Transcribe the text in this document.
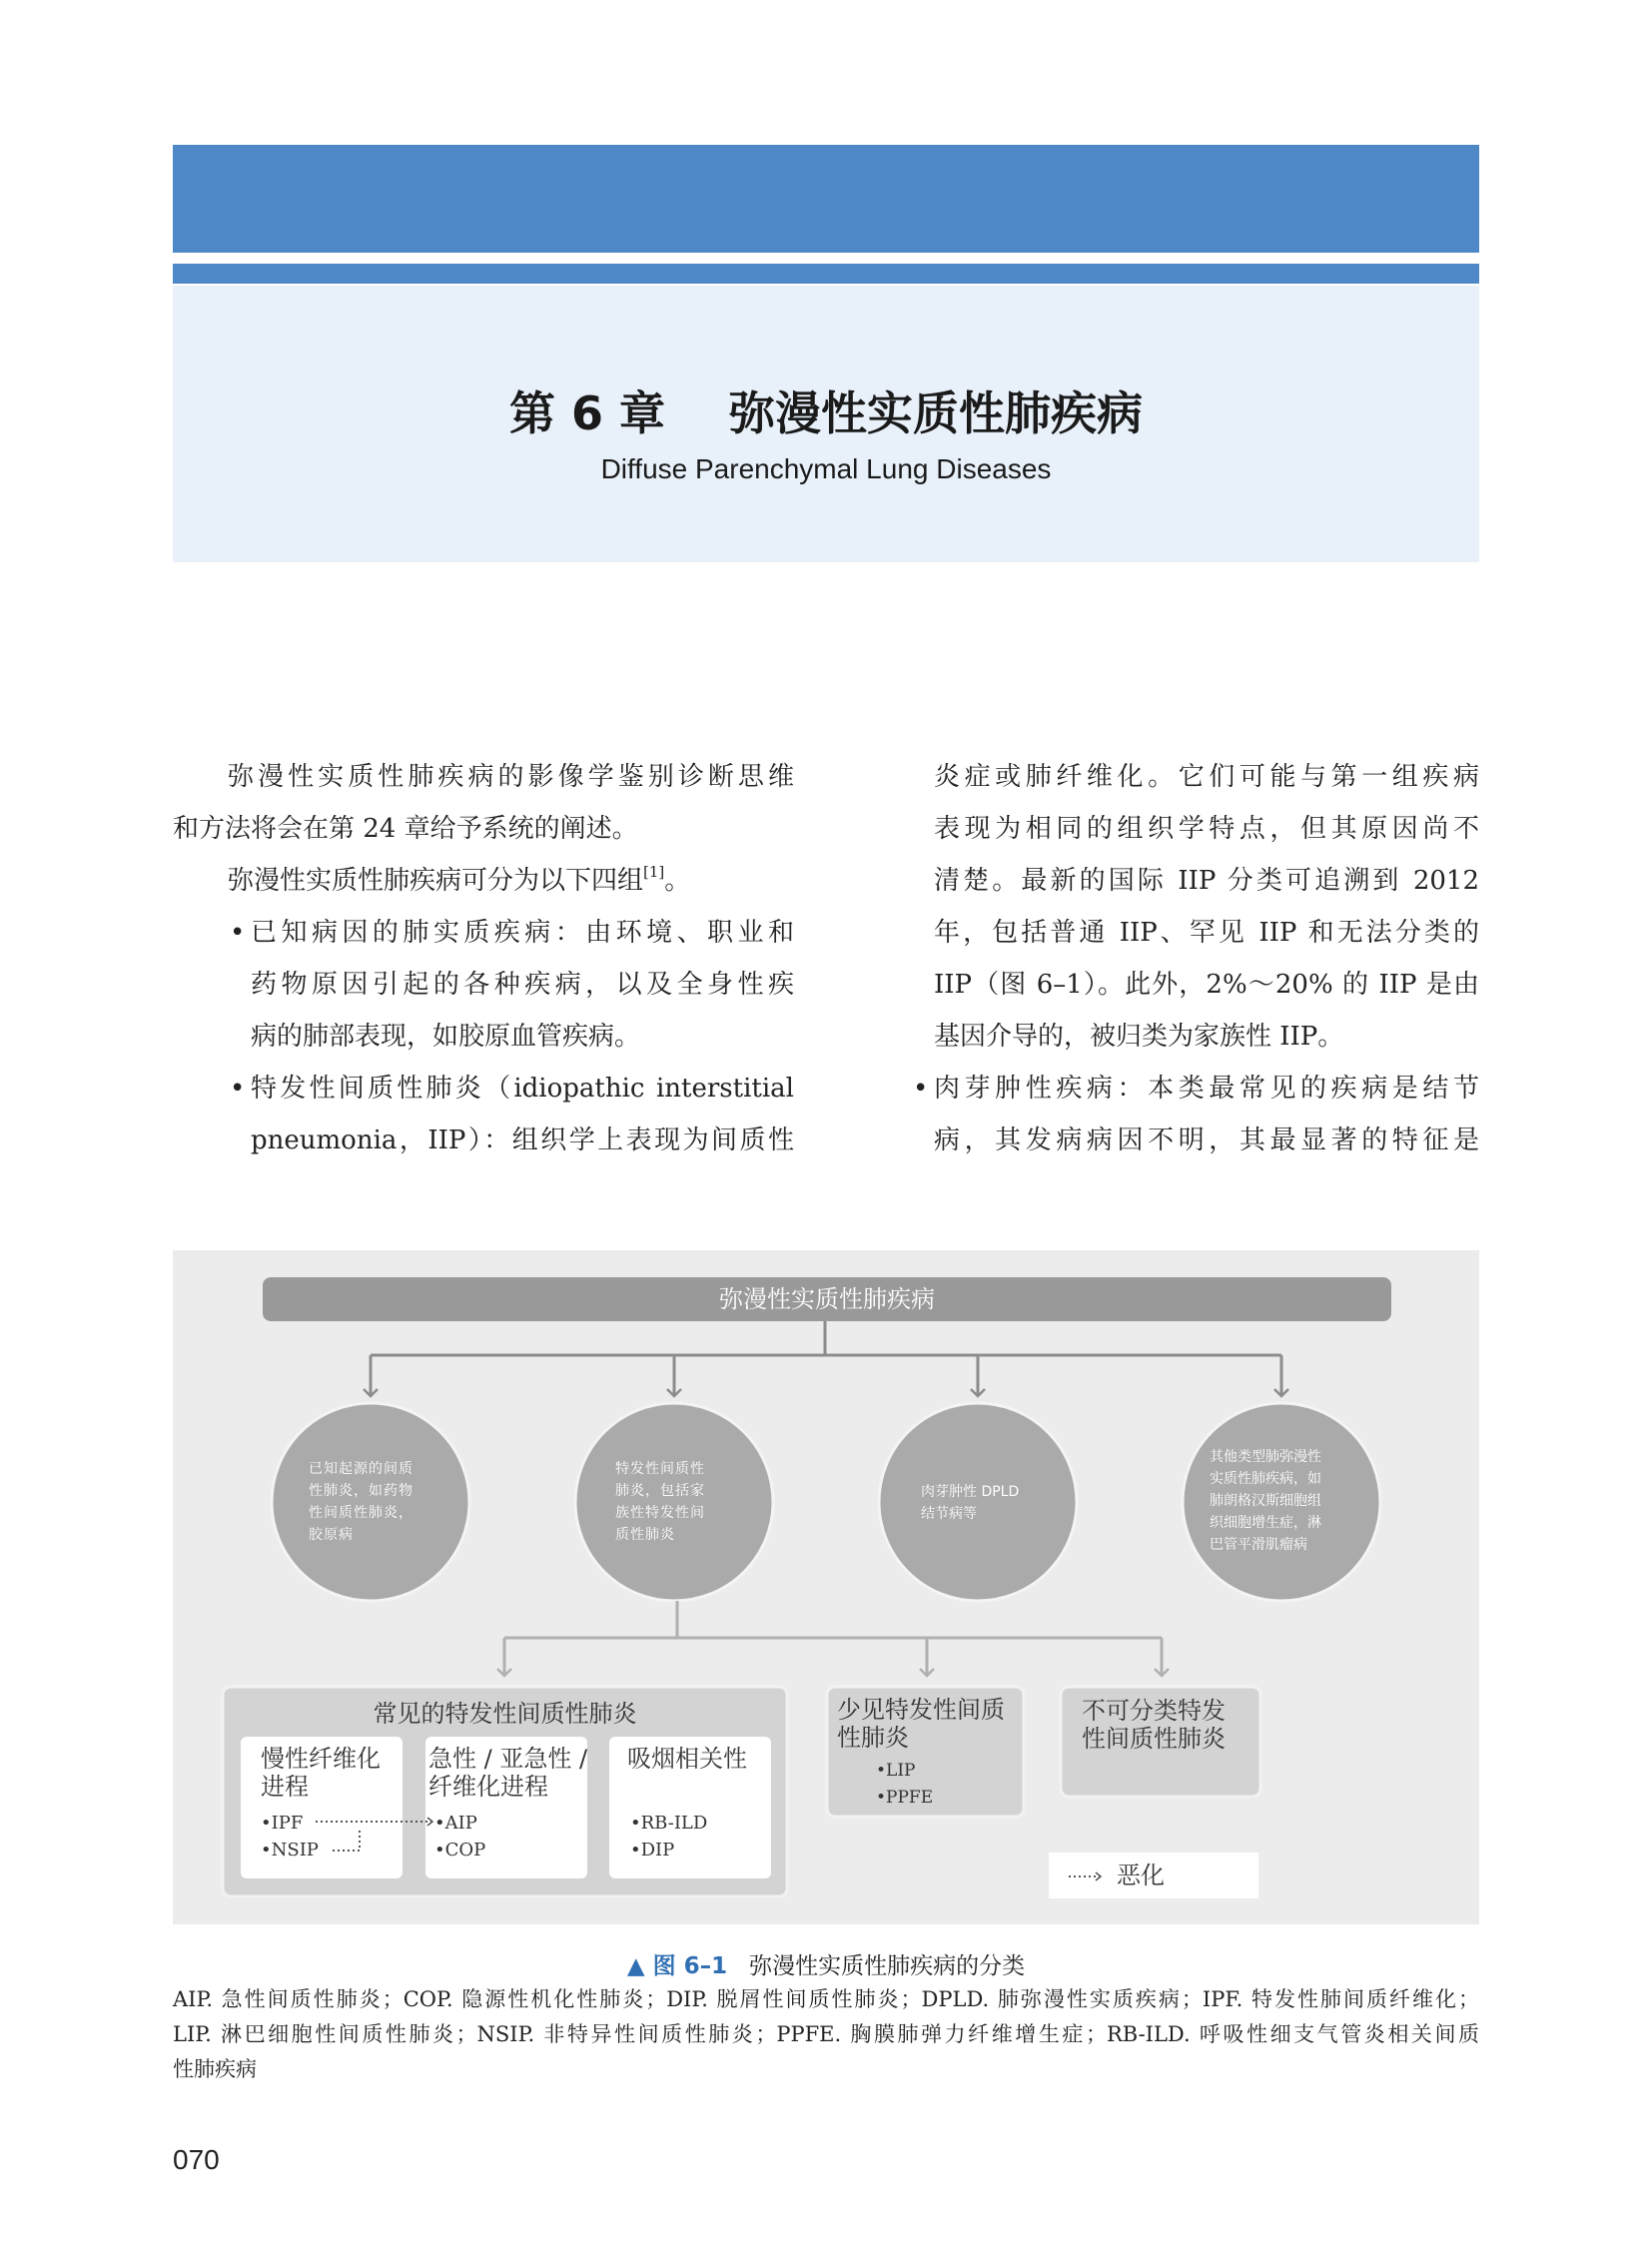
第 6 章    弥漫性实质性肺疾病
Diffuse Parenchymal Lung Diseases
弥漫性实质性肺疾病的影像学鉴别诊断思维
和方法将会在第 24 章给予系统的阐述。
弥漫性实质性肺疾病可分为以下四组[1]。
• 已知病因的肺实质疾病：由环境、职业和
药物原因引起的各种疾病，以及全身性疾
病的肺部表现，如胶原血管疾病。
• 特发性间质性肺炎（idiopathic interstitial
pneumonia，IIP）：组织学上表现为间质性
炎症或肺纤维化。它们可能与第一组疾病
表现为相同的组织学特点，但其原因尚不
清楚。最新的国际 IIP 分类可追溯到 2012
年，包括普通 IIP、罕见 IIP 和无法分类的
IIP（图 6–1）。此外，2%～20% 的 IIP 是由
基因介导的，被归类为家族性 IIP。
• 肉芽肿性疾病：本类最常见的疾病是结节
病，其发病病因不明，其最显著的特征是
弥漫性实质性肺疾病
已知起源的间质
性肺炎，如药物
性间质性肺炎，
胶原病
特发性间质性
肺炎，包括家
族性特发性间
质性肺炎
肉芽肿性 DPLD
结节病等
其他类型肺弥漫性
实质性肺疾病，如
肺朗格汉斯细胞组
织细胞增生症，淋
巴管平滑肌瘤病
常见的特发性间质性肺炎
慢性纤维化
进程
•IPF
•NSIP
急性 / 亚急性 /
纤维化进程
•AIP
•COP
吸烟相关性
•RB-ILD
•DIP
少见特发性间质
性肺炎
•LIP
•PPFE
不可分类特发
性间质性肺炎
恶化
▲ 图 6–1 弥漫性实质性肺疾病的分类
AIP. 急性间质性肺炎；COP. 隐源性机化性肺炎；DIP. 脱屑性间质性肺炎；DPLD. 肺弥漫性实质疾病；IPF. 特发性肺间质纤维化；
LIP. 淋巴细胞性间质性肺炎；NSIP. 非特异性间质性肺炎；PPFE. 胸膜肺弹力纤维增生症；RB-ILD. 呼吸性细支气管炎相关间质
性肺疾病
070
